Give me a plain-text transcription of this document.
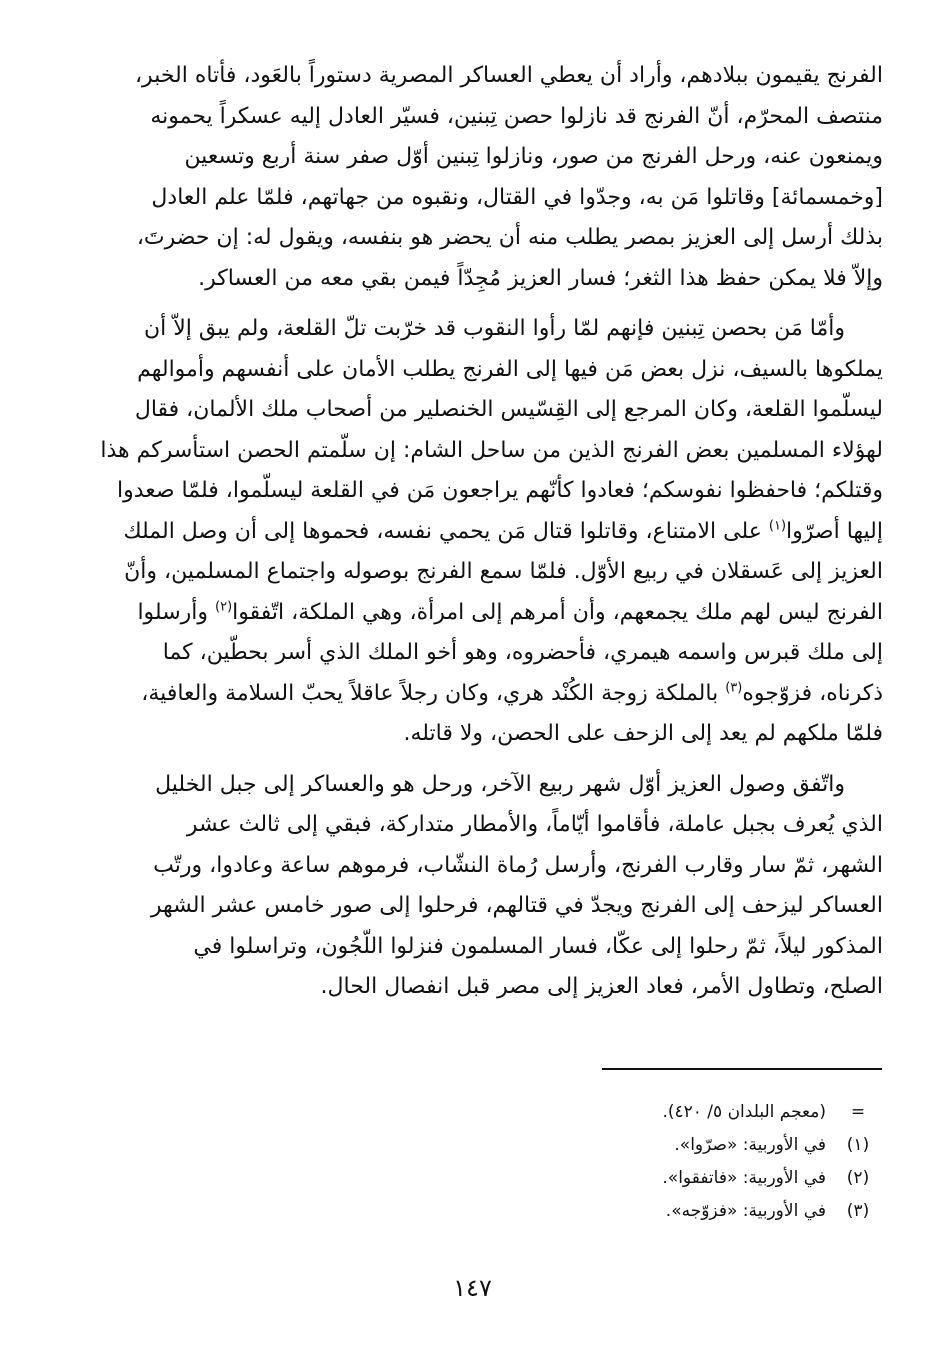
الفرنج يقيمون ببلادهم، وأراد أن يعطي العساكر المصرية دستوراً بالعَود، فأتاه الخبر،
منتصف المحرّم، أنّ الفرنج قد نازلوا حصن تِبنين، فسيّر العادل إليه عسكراً يحمونه
ويمنعون عنه، ورحل الفرنج من صور، ونازلوا تِبنين أوّل صفر سنة أربع وتسعين
[وخمسمائة] وقاتلوا مَن به، وجدّوا في القتال، ونقبوه من جهاتهم، فلمّا علم العادل
بذلك أرسل إلى العزيز بمصر يطلب منه أن يحضر هو بنفسه، ويقول له: إن حضرتَ،
وإلاّ فلا يمكن حفظ هذا الثغر؛ فسار العزيز مُجِدّاً فيمن بقي معه من العساكر.

وأمّا مَن بحصن تِبنين فإنهم لمّا رأوا النقوب قد خرّبت تلّ القلعة، ولم يبق إلاّ أن
يملكوها بالسيف، نزل بعض مَن فيها إلى الفرنج يطلب الأمان على أنفسهم وأموالهم
ليسلّموا القلعة، وكان المرجع إلى القِسّيس الخنصلير من أصحاب ملك الألمان، فقال
لهؤلاء المسلمين بعض الفرنج الذين من ساحل الشام: إن سلّمتم الحصن استأسركم هذا
وقتلكم؛ فاحفظوا نفوسكم؛ فعادوا كأنّهم يراجعون مَن في القلعة ليسلّموا، فلمّا صعدوا
إليها أصرّوا$^{(١)}$ على الامتناع، وقاتلوا قتال مَن يحمي نفسه، فحموها إلى أن وصل الملك
العزيز إلى عَسقلان في ربيع الأوّل. فلمّا سمع الفرنج بوصوله واجتماع المسلمين، وأنّ
الفرنج ليس لهم ملك يجمعهم، وأن أمرهم إلى امرأة، وهي الملكة، اتّفقوا$^{(٢)}$ وأرسلوا
إلى ملك قبرس واسمه هيمري، فأحضروه، وهو أخو الملك الذي أسر بحطّين، كما
ذكرناه، فزوّجوه$^{(٣)}$ بالملكة زوجة الكُنْد هري، وكان رجلاً عاقلاً يحبّ السلامة والعافية،
فلمّا ملكهم لم يعد إلى الزحف على الحصن، ولا قاتله.

واتّفق وصول العزيز أوّل شهر ربيع الآخر، ورحل هو والعساكر إلى جبل الخليل
الذي يُعرف بجبل عاملة، فأقاموا أيّاماً، والأمطار متداركة، فبقي إلى ثالث عشر
الشهر، ثمّ سار وقارب الفرنج، وأرسل رُماة النشّاب، فرموهم ساعة وعادوا، ورتّب
العساكر ليزحف إلى الفرنج ويجدّ في قتالهم، فرحلوا إلى صور خامس عشر الشهر
المذكور ليلاً، ثمّ رحلوا إلى عكّا، فسار المسلمون فنزلوا اللّجُون، وتراسلوا في
الصلح، وتطاول الأمر، فعاد العزيز إلى مصر قبل انفصال الحال.

=
(معجم البلدان ٥/ ٤٢٠).
(١)
في الأوربية: «صرّوا».
(٢)
في الأوربية: «فاتفقوا».
(٣)
في الأوربية: «فزوّجه».
١٤٧
